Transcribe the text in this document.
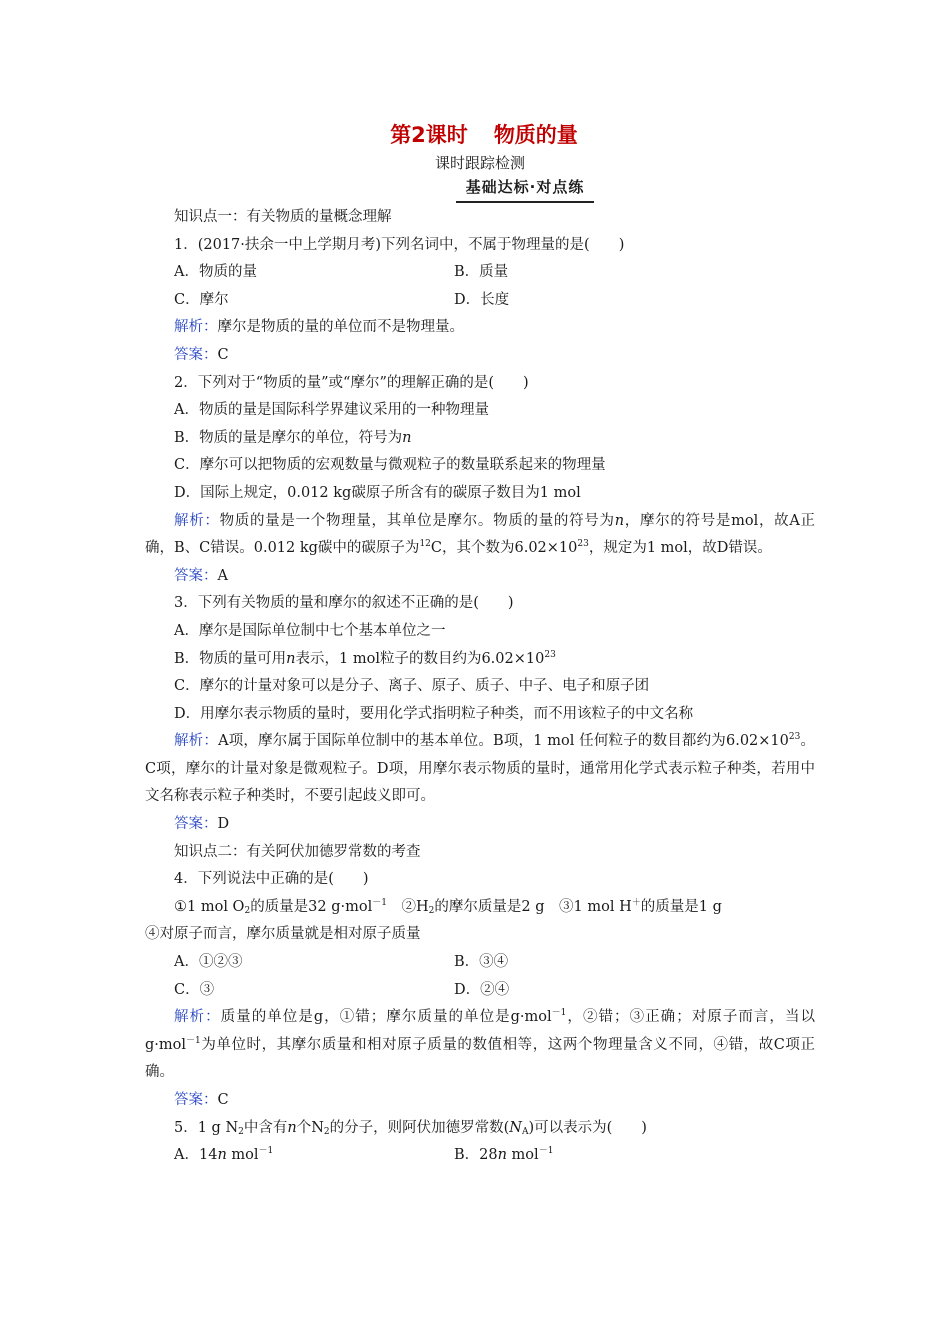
第2课时 物质的量
课时跟踪检测
基础达标·对点练
知识点一：有关物质的量概念理解
1．(2017·扶余一中上学期月考)下列名词中，不属于物理量的是(　　)
A．物质的量	B．质量
C．摩尔	D．长度
解析：摩尔是物质的量的单位而不是物理量。
答案：C
2．下列对于“物质的量”或“摩尔”的理解正确的是(　　)
A．物质的量是国际科学界建议采用的一种物理量
B．物质的量是摩尔的单位，符号为n
C．摩尔可以把物质的宏观数量与微观粒子的数量联系起来的物理量
D．国际上规定，0.012 kg碳原子所含有的碳原子数目为1 mol
解析：物质的量是一个物理量，其单位是摩尔。物质的量的符号为n，摩尔的符号是mol，故A正确，B、C错误。0.012 kg碳中的碳原子为$^{12}$C，其个数为$6.02\times 10^{23}$，规定为1 mol，故D错误。
答案：A
3．下列有关物质的量和摩尔的叙述不正确的是(　　)
A．摩尔是国际单位制中七个基本单位之一
B．物质的量可用n表示，1 mol粒子的数目约为$6.02\times 10^{23}$
C．摩尔的计量对象可以是分子、离子、原子、质子、中子、电子和原子团
D．用摩尔表示物质的量时，要用化学式指明粒子种类，而不用该粒子的中文名称
解析：A项，摩尔属于国际单位制中的基本单位。B项，1 mol 任何粒子的数目都约为$6.02\times 10^{23}$。C项，摩尔的计量对象是微观粒子。D项，用摩尔表示物质的量时，通常用化学式表示粒子种类，若用中文名称表示粒子种类时，不要引起歧义即可。
答案：D
知识点二：有关阿伏加德罗常数的考查
4．下列说法中正确的是(　　)
①1 mol $O_2$的质量是32 g·mol$^{-1}$　$②H_2$的摩尔质量是2 g　③1 mol H＋的质量是1 g
④对原子而言，摩尔质量就是相对原子质量
A．①②③	B．③④
C．③	D．②④
解析：质量的单位是g，①错；摩尔质量的单位是g·mol$^{-1}$，②错；③正确；对原子而言，当以g·mol$^{-1}$为单位时，其摩尔质量和相对原子质量的数值相等，这两个物理量含义不同，④错，故C项正确。
答案：C
5．1 g $N_2$中含有n个$N_2$的分子，则阿伏加德罗常数$(N_A)$可以表示为(　　)
A．14n mol$^{-1}$	B．28n mol$^{-1}$
